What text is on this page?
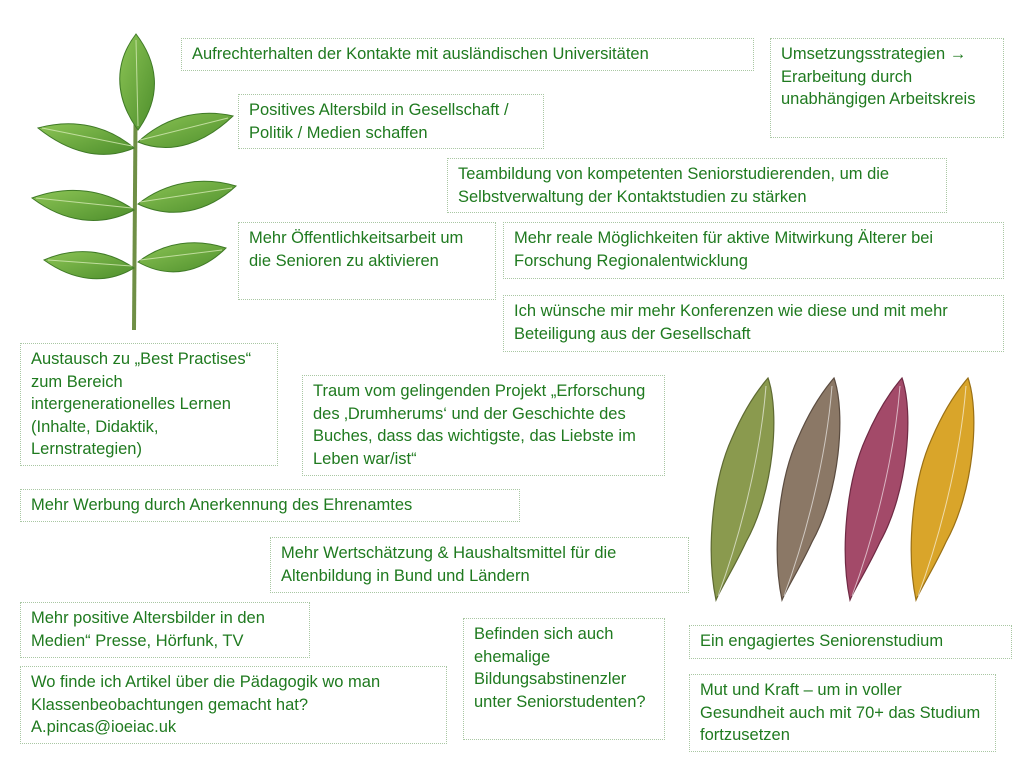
Aufrechterhalten der Kontakte mit ausländischen Universitäten	Umsetzungsstrategien → Erarbeitung durch unabhängigen Arbeitskreis
Positives Altersbild in Gesellschaft / Politik / Medien schaffen
Teambildung von kompetenten Seniorstudierenden, um die Selbstverwaltung der Kontaktstudien zu stärken
Mehr Öffentlichkeitsarbeit um die Senioren zu aktivieren
Mehr reale Möglichkeiten für aktive Mitwirkung Älterer bei Forschung Regionalentwicklung
Ich wünsche mir mehr Konferenzen wie diese und mit mehr Beteiligung aus der Gesellschaft
Austausch zu „Best Practises“ zum Bereich intergenerationelles Lernen (Inhalte, Didaktik, Lernstrategien)
Traum vom gelingenden Projekt „Erforschung des ‚Drumherums‘ und der Geschichte des Buches, dass das wichtigste, das Liebste im Leben war/ist“
Mehr Werbung durch Anerkennung des Ehrenamtes
Mehr Wertschätzung & Haushaltsmittel für die Altenbildung in Bund und Ländern
Mehr positive Altersbilder in den Medien“ Presse, Hörfunk, TV	Befinden sich auch ehemalige Bildungsabstinenzler unter Seniorstudenten?
Ein engagiertes Seniorenstudium
Wo finde ich Artikel über die Pädagogik wo man Klassenbeobachtungen gemacht hat? A.pincas@ioeiac.uk
Mut und Kraft – um in voller Gesundheit auch mit 70+ das Studium fortzusetzen
